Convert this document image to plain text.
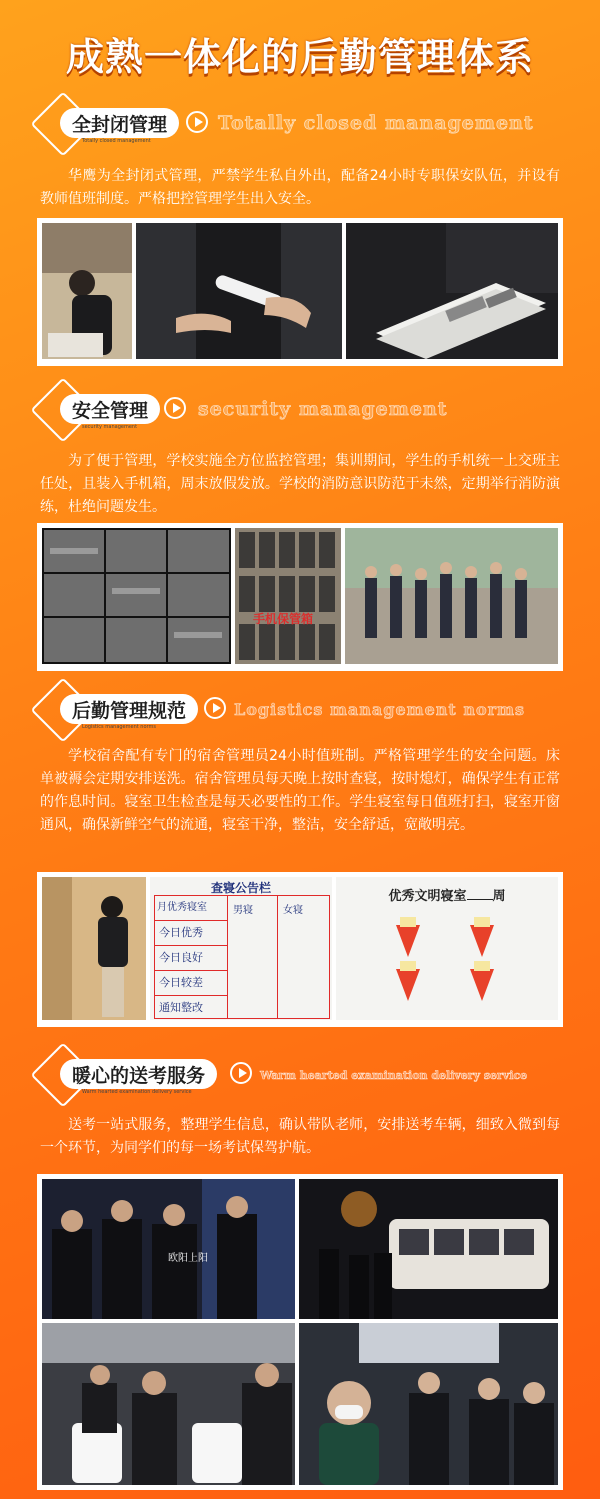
成熟一体化的后勤管理体系
全封闭管理
Totally closed management
Totally closed management
华鹰为全封闭式管理，严禁学生私自外出，配备24小时专职保安队伍，并设有教师值班制度。严格把控管理学生出入安全。
安全管理
security management
security management
为了便于管理，学校实施全方位监控管理；集训期间，学生的手机统一上交班主任处，且装入手机箱，周末放假发放。学校的消防意识防范于未然，定期举行消防演练，杜绝问题发生。
手机保管箱
后勤管理规范
Logistics management norms
Logistics management norms
学校宿舍配有专门的宿舍管理员24小时值班制。严格管理学生的安全问题。床单被褥会定期安排送洗。宿舍管理员每天晚上按时查寝，按时熄灯，确保学生有正常的作息时间。寝室卫生检查是每天必要性的工作。学生寝室每日值班打扫，寝室开窗通风，确保新鲜空气的流通，寝室干净，整洁，安全舒适，宽敞明亮。
查寝公告栏
月优秀寝室
今日优秀
今日良好
今日较差
通知整改
男寝	女寝
优秀文明寝室 周
暖心的送考服务
Warm hearted examination delivery service
Warm hearted examination delivery service
送考一站式服务，整理学生信息，确认带队老师，安排送考车辆，细致入微到每一个环节，为同学们的每一场考试保驾护航。
欧阳上阳
